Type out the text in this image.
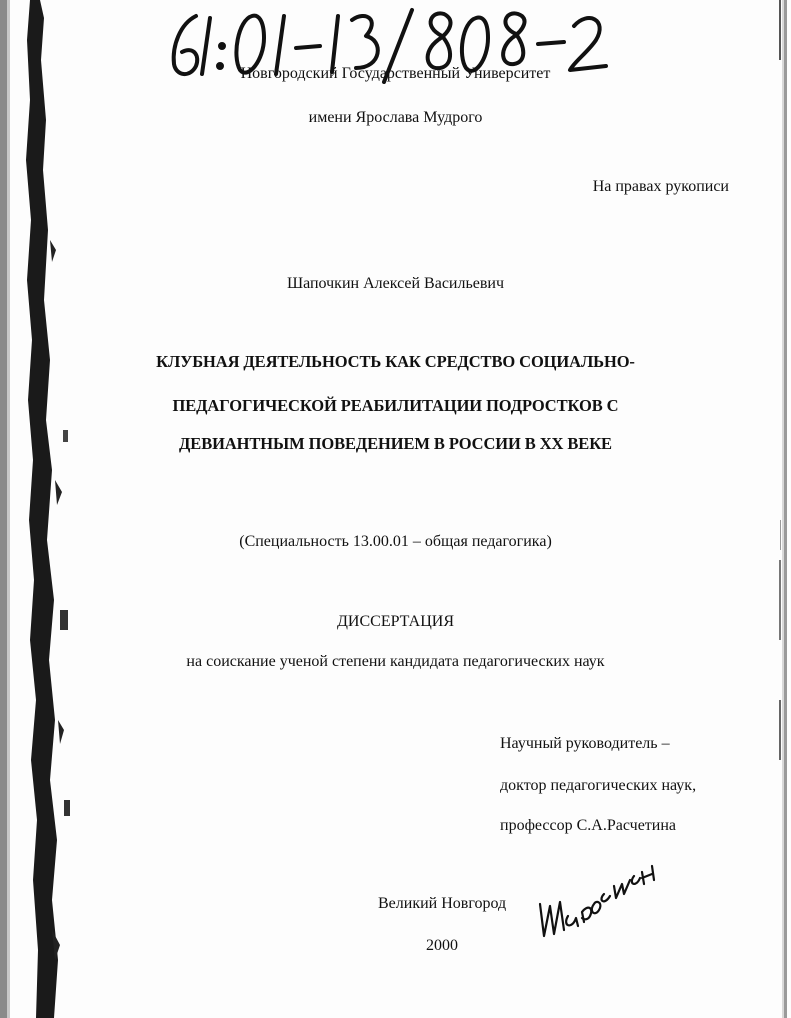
Новгородский Государственный Университет
имени Ярослава Мудрого
На правах рукописи
Шапочкин Алексей Васильевич
КЛУБНАЯ ДЕЯТЕЛЬНОСТЬ КАК СРЕДСТВО СОЦИАЛЬНО-
ПЕДАГОГИЧЕСКОЙ РЕАБИЛИТАЦИИ ПОДРОСТКОВ С
ДЕВИАНТНЫМ ПОВЕДЕНИЕМ В РОССИИ В XX ВЕКЕ
(Специальность 13.00.01 – общая педагогика)
ДИССЕРТАЦИЯ
на соискание ученой степени кандидата педагогических наук
Научный руководитель –
доктор педагогических наук,
профессор С.А.Расчетина
Великий Новгород
2000
